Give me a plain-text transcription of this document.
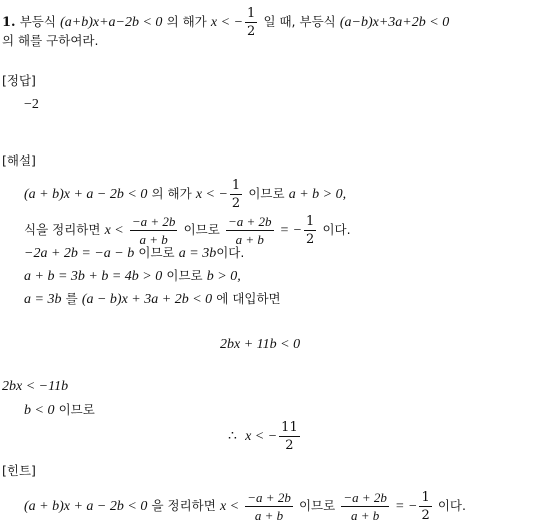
1. 부등식 (a+b)x+a−2b < 0 의 해가 x < − $\frac{1}{2}$ 일 때, 부등식 (a−b)x+3a+2b < 0
의 해를 구하여라.
[정답]
−2
[해설]
(a + b)x + a − 2b < 0 의 해가 x < − $\frac{1}{2}$ 이므로 a + b > 0,
식을 정리하면 $x < \frac{-a + 2b}{a + b}$ 이므로 $\frac{-a + 2b}{a + b}$ = − $\frac{1}{2}$ 이다.
−2a + 2b = −a − b 이므로 a = 3b이다.
a + b = 3b + b = 4b > 0 이므로 b > 0,
a = 3b 를 (a − b)x + 3a + 2b < 0 에 대입하면
2bx + 11b < 0
2bx < −11b
b < 0 이므로
∴ x < − $\frac{11}{2}$
[힌트]
(a + b)x + a − 2b < 0 을 정리하면 $x < \frac{-a + 2b}{a + b}$ 이므로 $\frac{-a + 2b}{a + b}$ = − $\frac{1}{2}$ 이다.
